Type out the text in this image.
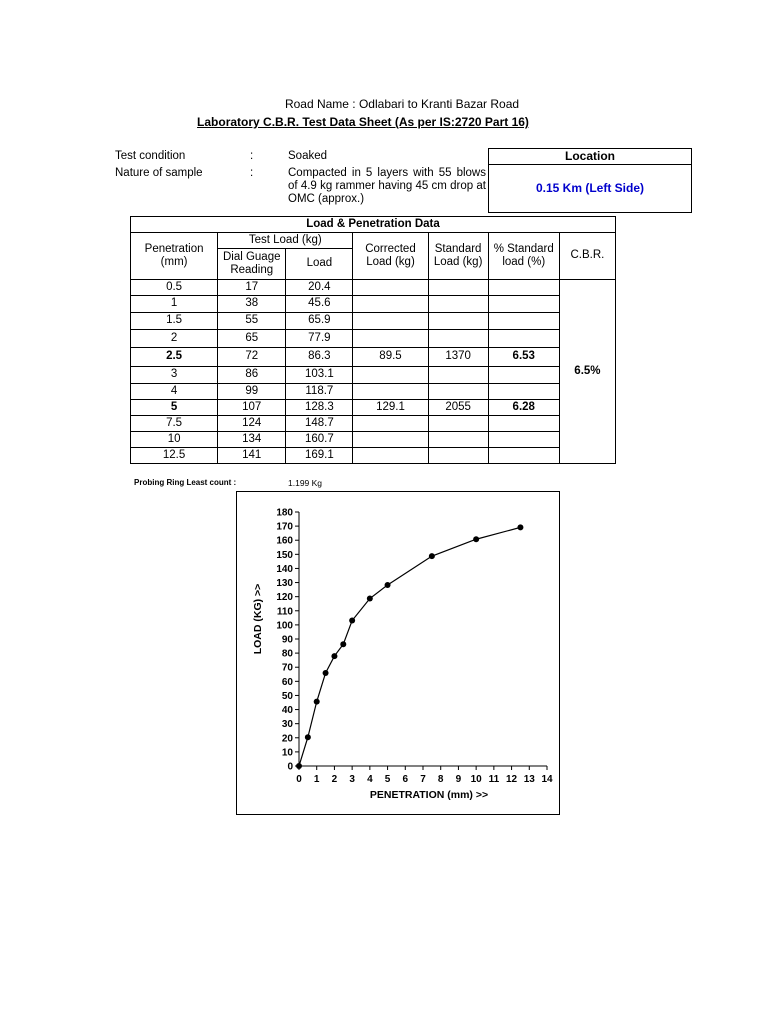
Road Name : Odlabari to Kranti Bazar Road
Laboratory C.B.R. Test Data Sheet (As per IS:2720 Part 16)
Test condition	:	Soaked
Nature of sample	:	Compacted in 5 layers with 55 blows of 4.9 kg rammer having 45 cm drop at OMC (approx.)
Location
0.15 Km (Left Side)
Load & Penetration Data						
Penetration (mm)	Test Load (kg)		Corrected Load (kg)	Standard Load (kg)	% Standard load (%)	C.B.R.
	Dial Guage Reading	Load				
0.5	17	20.4				6.5%
1	38	45.6				
1.5	55	65.9				
2	65	77.9				
2.5	72	86.3	89.5	1370	6.53	
3	86	103.1				
4	99	118.7				
5	107	128.3	129.1	2055	6.28	
7.5	124	148.7				
10	134	160.7				
12.5	141	169.1				
Probing Ring Least count :	1.199 Kg
0
10
20
30
40
50
60
70
80
90
100
110
120
130
140
150
160
170
180
0 1 2 3 4 5 6 7 8 9 10 11 12 13 14
PENETRATION (mm) >>
LOAD (KG) >>
